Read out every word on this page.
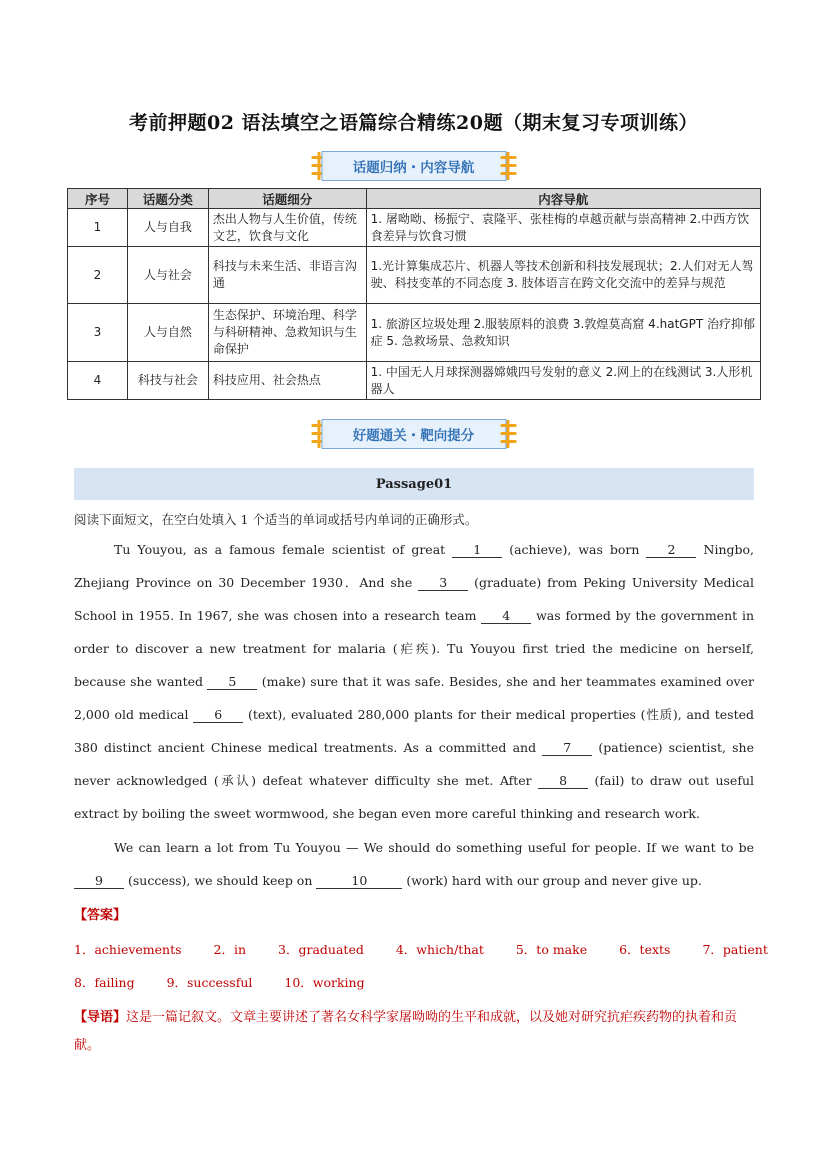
考前押题02 语法填空之语篇综合精练20题（期末复习专项训练）
话题归纳・内容导航
序号	话题分类	话题细分	内容导航
1	人与自我	杰出人物与人生价值，传统文艺，饮食与文化	1. 屠呦呦、杨振宁、袁隆平、张桂梅的卓越贡献与崇高精神 2.中西方饮食差异与饮食习惯
2	人与社会	科技与未来生活、非语言沟通	1.光计算集成芯片、机器人等技术创新和科技发展现状；2.人们对无人驾驶、科技变革的不同态度 3. 肢体语言在跨文化交流中的差异与规范
3	人与自然	生态保护、环境治理、科学与科研精神、急救知识与生命保护	1. 旅游区垃圾处理 2.服装原料的浪费 3.敦煌莫高窟 4.hatGPT 治疗抑郁症 5. 急救场景、急救知识
4	科技与社会	科技应用、社会热点	1. 中国无人月球探测器嫦娥四号发射的意义 2.网上的在线测试 3.人形机器人
好题通关・靶向提分
Passage01
阅读下面短文，在空白处填入 1 个适当的单词或括号内单词的正确形式。
Tu Youyou, as a famous female scientist of great 1 (achieve), was born 2 Ningbo, Zhejiang Province on 30 December 1930．And she 3 (graduate) from Peking University Medical School in 1955. In 1967, she was chosen into a research team 4 was formed by the government in order to discover a new treatment for malaria (疟疾). Tu Youyou first tried the medicine on herself, because she wanted 5 (make) sure that it was safe. Besides, she and her teammates examined over 2,000 old medical 6 (text), evaluated 280,000 plants for their medical properties (性质), and tested 380 distinct ancient Chinese medical treatments. As a committed and 7 (patience) scientist, she never acknowledged (承认) defeat whatever difficulty she met. After 8 (fail) to draw out useful extract by boiling the sweet wormwood, she began even more careful thinking and research work.
We can learn a lot from Tu Youyou — We should do something useful for people. If we want to be 9 (success), we should keep on	10	(work) hard with our group and never give up.
【答案】
1．achievements	2．in	3．graduated	4．which/that	5．to make	6．texts	7．patient
8．failing	9．successful	10．working
【导语】这是一篇记叙文。文章主要讲述了著名女科学家屠呦呦的生平和成就，以及她对研究抗疟疾药物的执着和贡献。
